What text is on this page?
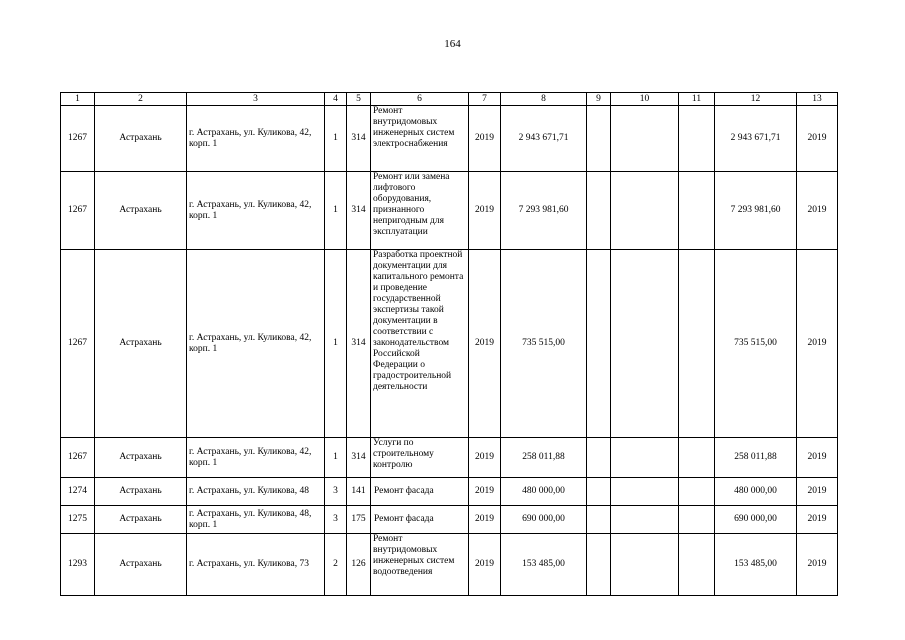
164
1	2	3	4	5	6	7	8	9	10	11	12	13
1267	Астрахань	г. Астрахань, ул. Куликова, 42, корп. 1	1	314	Ремонт внутридомовых инженерных систем электроснабжения	2019	2 943 671,71				2 943 671,71	2019
1267	Астрахань	г. Астрахань, ул. Куликова, 42, корп. 1	1	314	Ремонт или замена лифтового оборудования, признанного непригодным для эксплуатации	2019	7 293 981,60				7 293 981,60	2019
1267	Астрахань	г. Астрахань, ул. Куликова, 42, корп. 1	1	314	Разработка проектной документации для капитального ремонта и проведение государственной экспертизы такой документации в соответствии с законодательством Российской Федерации о градостроительной деятельности	2019	735 515,00				735 515,00	2019
1267	Астрахань	г. Астрахань, ул. Куликова, 42, корп. 1	1	314	Услуги по строительному контролю	2019	258 011,88				258 011,88	2019
1274	Астрахань	г. Астрахань, ул. Куликова, 48	3	141	Ремонт фасада	2019	480 000,00				480 000,00	2019
1275	Астрахань	г. Астрахань, ул. Куликова, 48, корп. 1	3	175	Ремонт фасада	2019	690 000,00				690 000,00	2019
1293	Астрахань	г. Астрахань, ул. Куликова, 73	2	126	Ремонт внутридомовых инженерных систем водоотведения	2019	153 485,00				153 485,00	2019
